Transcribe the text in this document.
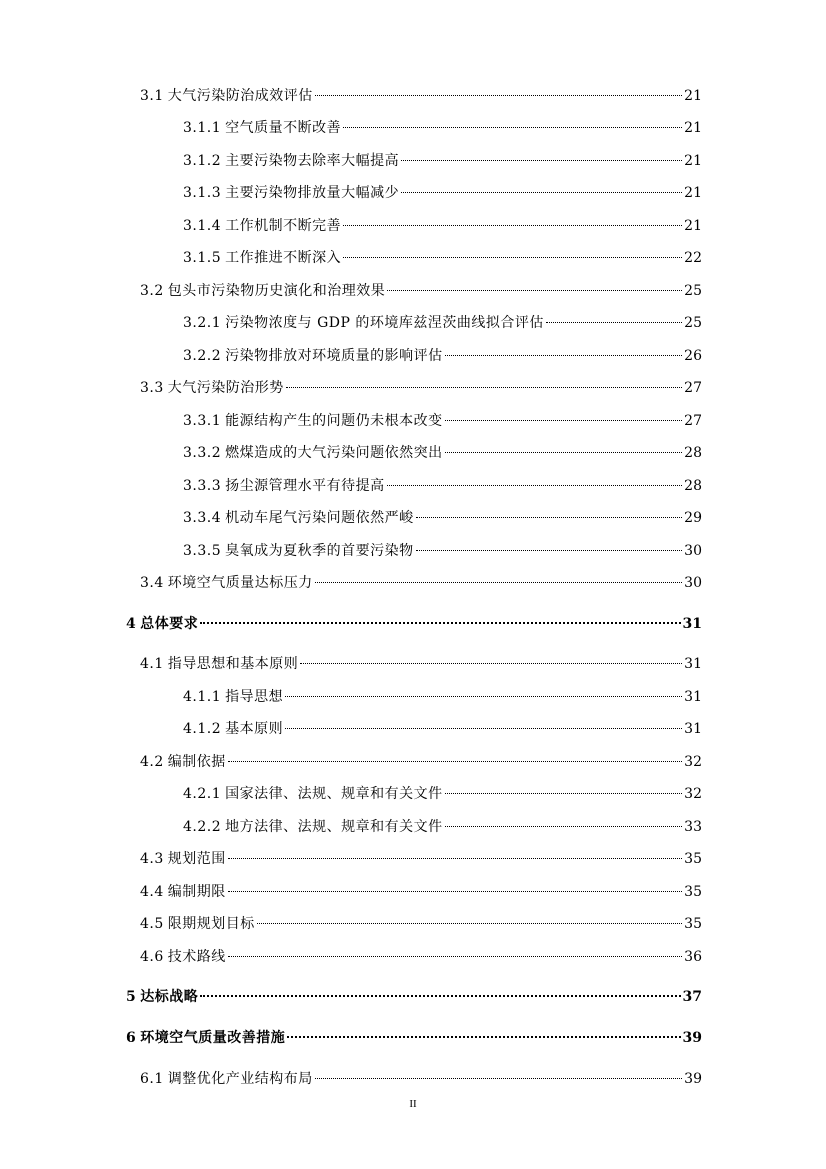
3.1 大气污染防治成效评估	21
3.1.1 空气质量不断改善	21
3.1.2 主要污染物去除率大幅提高	21
3.1.3 主要污染物排放量大幅减少	21
3.1.4 工作机制不断完善	21
3.1.5 工作推进不断深入	22
3.2 包头市污染物历史演化和治理效果	25
3.2.1 污染物浓度与 GDP 的环境库兹涅茨曲线拟合评估	25
3.2.2 污染物排放对环境质量的影响评估	26
3.3 大气污染防治形势	27
3.3.1 能源结构产生的问题仍未根本改变	27
3.3.2 燃煤造成的大气污染问题依然突出	28
3.3.3 扬尘源管理水平有待提高	28
3.3.4 机动车尾气污染问题依然严峻	29
3.3.5 臭氧成为夏秋季的首要污染物	30
3.4 环境空气质量达标压力	30
4 总体要求	31
4.1 指导思想和基本原则	31
4.1.1 指导思想	31
4.1.2 基本原则	31
4.2 编制依据	32
4.2.1 国家法律、法规、规章和有关文件	32
4.2.2 地方法律、法规、规章和有关文件	33
4.3 规划范围	35
4.4 编制期限	35
4.5 限期规划目标	35
4.6 技术路线	36
5 达标战略	37
6 环境空气质量改善措施	39
6.1 调整优化产业结构布局	39
II
